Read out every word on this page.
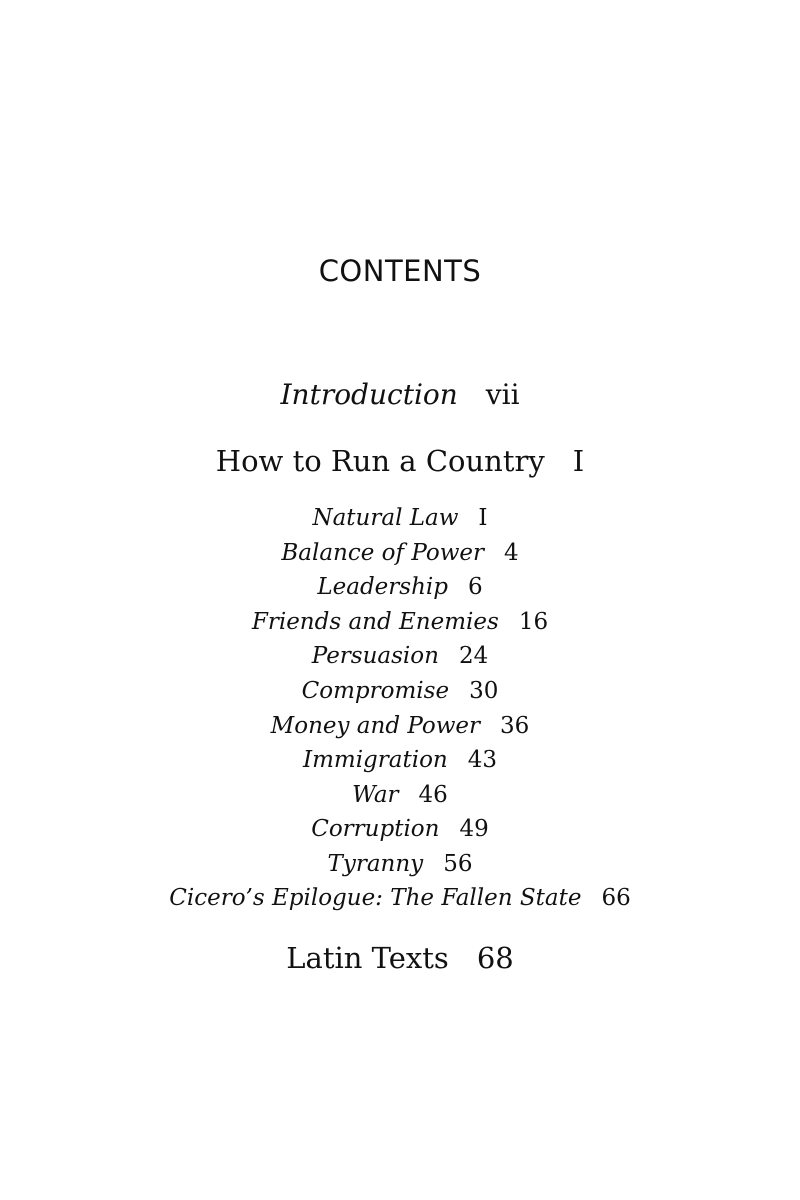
CONTENTS
Introduction vii
How to Run a Country I
Natural Law I
Balance of Power 4
Leadership 6
Friends and Enemies 16
Persuasion 24
Compromise 30
Money and Power 36
Immigration 43
War 46
Corruption 49
Tyranny 56
Cicero’s Epilogue: The Fallen State 66
Latin Texts 68
